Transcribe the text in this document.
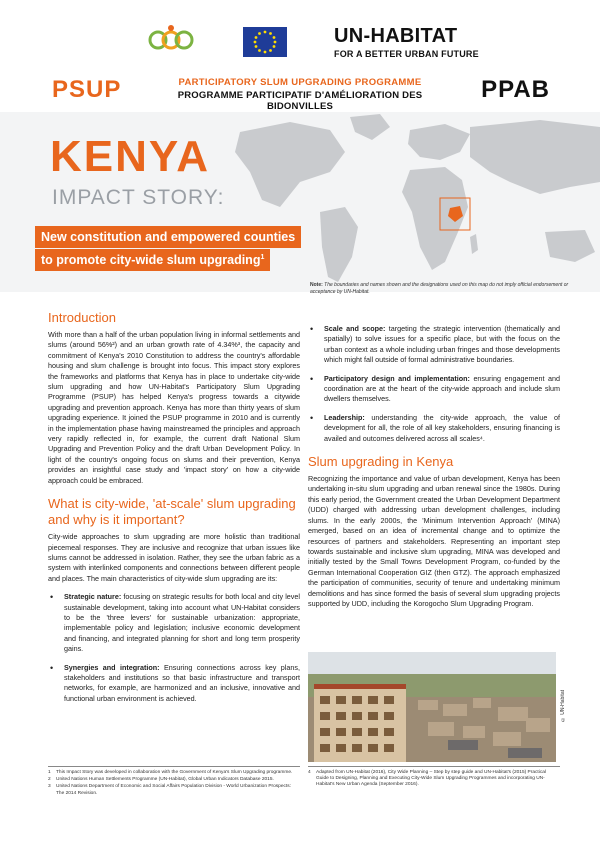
UN-HABITAT
FOR A BETTER URBAN FUTURE
PSUP	PARTICIPATORY SLUM UPGRADING PROGRAMME
PROGRAMME PARTICIPATIF D'AMÉLIORATION DES BIDONVILLES
PPAB
KENYA
IMPACT STORY:
New constitution and empowered counties
to promote city-wide slum upgrading$^1$
Note: The boundaries and names shown and the designations used on this map do not imply official endorsement or acceptance by UN-Habitat.
Introduction
With more than a half of the urban population living in informal settlements and slums (around 56%²) and an urban growth rate of 4.34%³, the capacity and commitment of Kenya's 2010 Constitution to address the country's affordable housing and slum challenge is brought into focus. This impact story explores the frameworks and platforms that Kenya has in place to undertake city-wide slum upgrading and how UN-Habitat's Participatory Slum Upgrading Programme (PSUP) has helped Kenya's progress towards a citywide upgrading and prevention approach. Kenya has more than thirty years of slum upgrading experience. It joined the PSUP programme in 2010 and is currently in the implementation phase having mainstreamed the principles and approach very rapidly reflected in, for example, the current draft National Slum Upgrading and Prevention Policy and the draft Urban Development Policy. In light of the country's ongoing focus on slums and their prevention, Kenya provides an insightful case study and 'impact story' on how a city-wide approach could be embraced.
What is city-wide, 'at-scale' slum upgrading and why is it important?
City-wide approaches to slum upgrading are more holistic than traditional piecemeal responses. They are inclusive and recognize that urban issues like slums cannot be addressed in isolation. Rather, they see the urban fabric as a system with interlinked components and connections between different people and places. The main characteristics of city-wide slum upgrading are its:
• Strategic nature: focusing on strategic results for both local and city level sustainable development, taking into account what UN-Habitat considers to be the 'three levers' for sustainable urbanization: appropriate, implementable policy and legislation; inclusive economic development and financing, and integrated planning for short and long term prosperity gains.
• Synergies and integration: Ensuring connections across key plans, stakeholders and institutions so that basic infrastructure and transport networks, for example, are harmonized and an inclusive, innovative and functional urban environment is achieved.
• Scale and scope: targeting the strategic intervention (thematically and spatially) to solve issues for a specific place, but with the focus on the urban context as a whole including urban fringes and those developments which might fall outside of formal administrative boundaries.
• Participatory design and implementation: ensuring engagement and coordination are at the heart of the city-wide approach and include slum dwellers themselves.
• Leadership: understanding the city-wide approach, the value of development for all, the role of all key stakeholders, ensuring financing is availed and outcomes delivered across all scales⁴.
Slum upgrading in Kenya
Recognizing the importance and value of urban development, Kenya has been undertaking in-situ slum upgrading and urban renewal since the 1980s. During this early period, the Government created the Urban Development Department (UDD) charged with addressing urban development challenges, including slums. In the early 2000s, the 'Minimum Intervention Approach' (MINA) emerged, based on an idea of incremental change and to optimize the resources of partners and stakeholders. Representing an important step towards sustainable and inclusive slum upgrading, MINA was developed and initially tested by the Small Towns Development Program, co-funded by the German International Cooperation GIZ (then GTZ). The approach emphasized the participation of communities, security of tenure and undertaking minimum demolitions and has since formed the basis of several slum upgrading projects supported by UDD, including the Korogocho Slum Upgrading Program.
© UN-Habitat
1 This Impact Story was developed in collaboration with the Government of Kenya's Slum Upgrading programme.
2 United Nations Human Settlements Programme (UN-Habitat), Global Urban Indicators Database 2015.
3 United Nations Department of Economic and Social Affairs Population Division - World Urbanization Prospects: The 2014 Revision.
4 Adapted from UN-Habitat (2016), City Wide Planning – Step by step guide and UN-Habitat's (2015) Practical Guide to Designing, Planning and Executing City-Wide Slum Upgrading Programmes and incorporating UN-Habitat's New Urban Agenda (September 2016).
